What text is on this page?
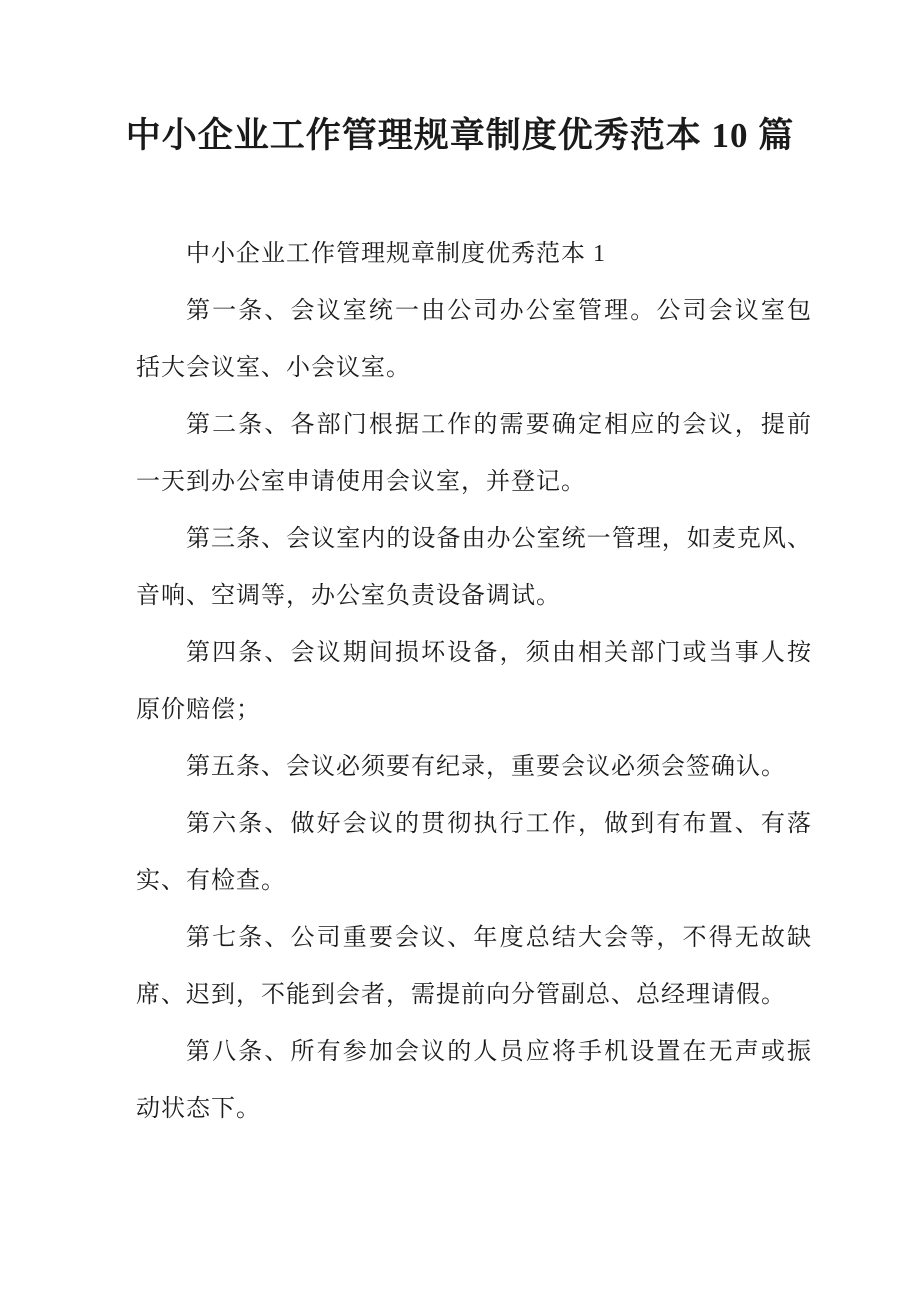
中小企业工作管理规章制度优秀范本 10 篇
中小企业工作管理规章制度优秀范本 1
第一条、会议室统一由公司办公室管理。公司会议室包
括大会议室、小会议室。
第二条、各部门根据工作的需要确定相应的会议，提前
一天到办公室申请使用会议室，并登记。
第三条、会议室内的设备由办公室统一管理，如麦克风、
音响、空调等，办公室负责设备调试。
第四条、会议期间损坏设备，须由相关部门或当事人按
原价赔偿；
第五条、会议必须要有纪录，重要会议必须会签确认。
第六条、做好会议的贯彻执行工作，做到有布置、有落
实、有检查。
第七条、公司重要会议、年度总结大会等，不得无故缺
席、迟到，不能到会者，需提前向分管副总、总经理请假。
第八条、所有参加会议的人员应将手机设置在无声或振
动状态下。
